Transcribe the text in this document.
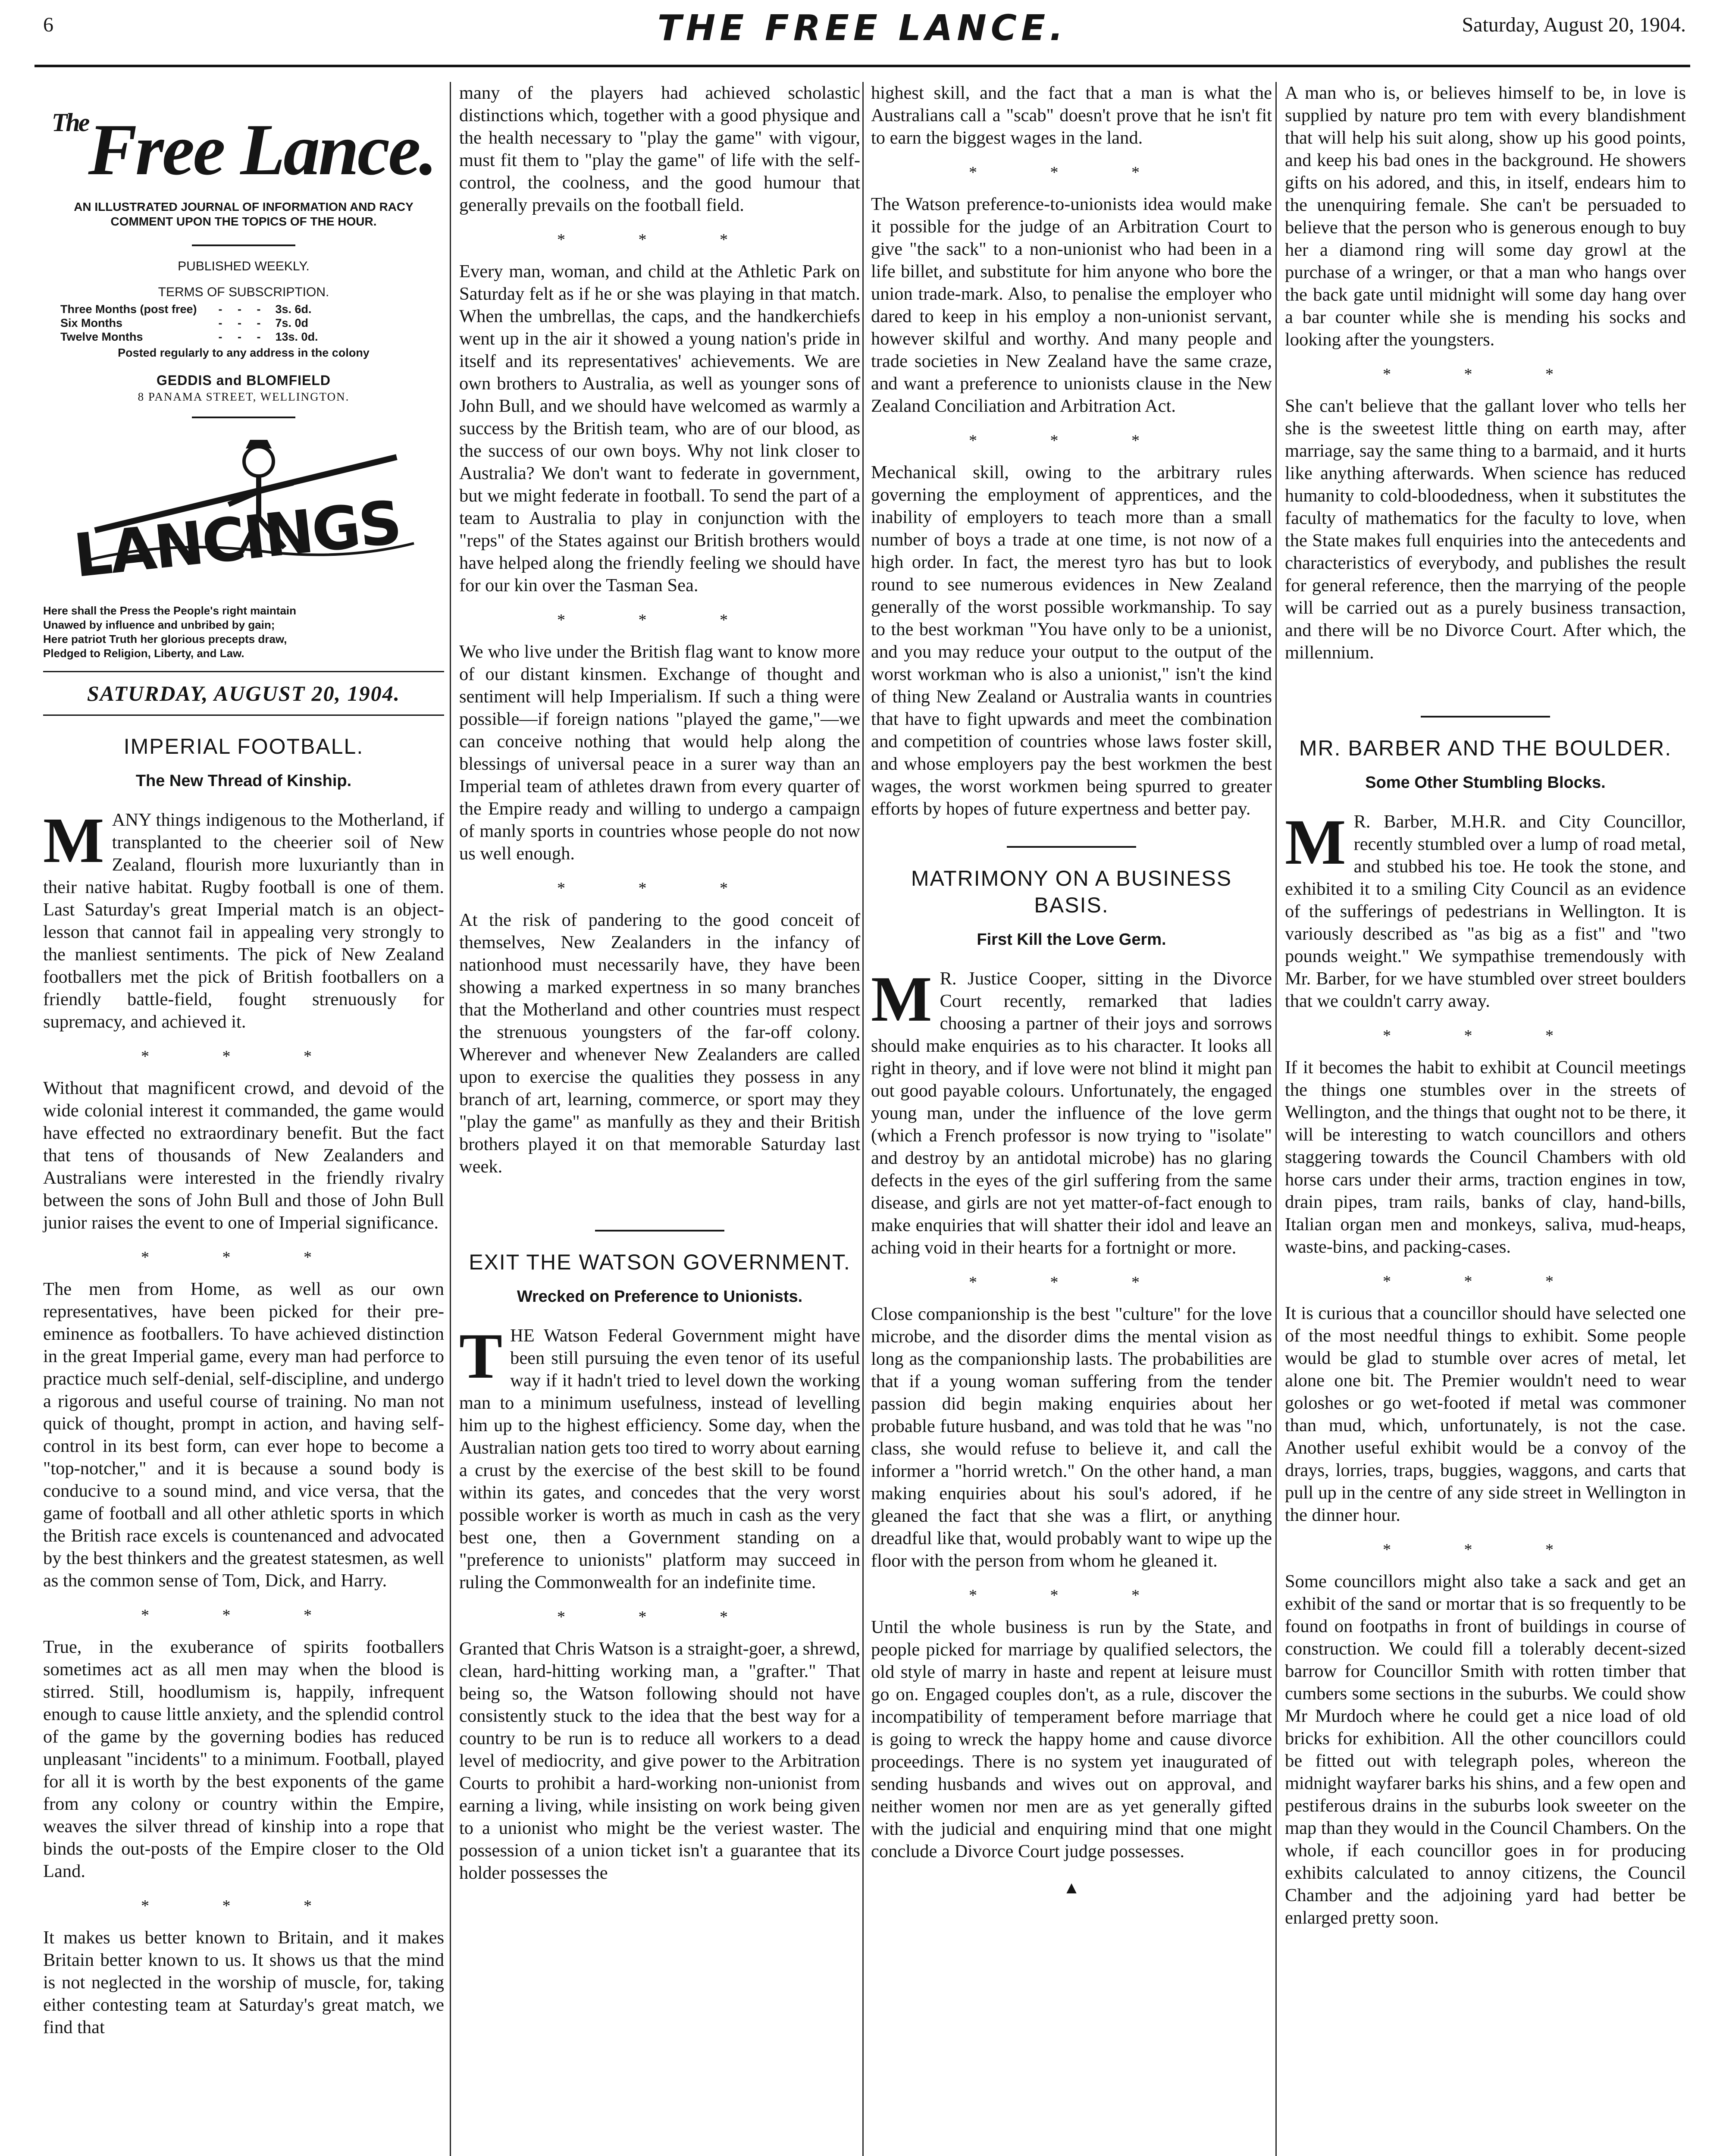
6	THE FREE LANCE.	Saturday, August 20, 1904.
$^{The}$Free Lance.
AN ILLUSTRATED JOURNAL OF INFORMATION AND RACY COMMENT UPON THE TOPICS OF THE HOUR.
PUBLISHED WEEKLY.
TERMS OF SUBSCRIPTION.
Three Months (post free)	- - -	3s. 6d.
Six Months	- - -	7s. 0d
Twelve Months	- - -	13s. 0d.
Posted regularly to any address in the colony
GEDDIS and BLOMFIELD
8 PANAMA STREET, WELLINGTON.
LANCINGS
Here shall the Press the People's right maintain
Unawed by influence and unbribed by gain;
Here patriot Truth her glorious precepts draw,
Pledged to Religion, Liberty, and Law.
SATURDAY, AUGUST 20, 1904.
IMPERIAL FOOTBALL.
The New Thread of Kinship.

MANY things indigenous to the Motherland, if transplanted to the cheerier soil of New Zealand, flourish more luxuriantly than in their native habitat. Rugby football is one of them. Last Saturday's great Imperial match is an object-lesson that cannot fail in appealing very strongly to the manliest sentiments. The pick of New Zealand footballers met the pick of British footballers on a friendly battle-field, fought strenuously for supremacy, and achieved it.

* * *

Without that magnificent crowd, and devoid of the wide colonial interest it commanded, the game would have effected no extraordinary benefit. But the fact that tens of thousands of New Zealanders and Australians were interested in the friendly rivalry between the sons of John Bull and those of John Bull junior raises the event to one of Imperial significance.

* * *

The men from Home, as well as our own representatives, have been picked for their pre-eminence as footballers. To have achieved distinction in the great Imperial game, every man had perforce to practice much self-denial, self-discipline, and undergo a rigorous and useful course of training. No man not quick of thought, prompt in action, and having self-control in its best form, can ever hope to become a "top-notcher," and it is because a sound body is conducive to a sound mind, and vice versa, that the game of football and all other athletic sports in which the British race excels is countenanced and advocated by the best thinkers and the greatest statesmen, as well as the common sense of Tom, Dick, and Harry.

* * *

True, in the exuberance of spirits footballers sometimes act as all men may when the blood is stirred. Still, hoodlumism is, happily, infrequent enough to cause little anxiety, and the splendid control of the game by the governing bodies has reduced unpleasant "incidents" to a minimum. Football, played for all it is worth by the best exponents of the game from any colony or country within the Empire, weaves the silver thread of kinship into a rope that binds the out-posts of the Empire closer to the Old Land.

* * *

It makes us better known to Britain, and it makes Britain better known to us. It shows us that the mind is not neglected in the worship of muscle, for, taking either contesting team at Saturday's great match, we find that

many of the players had achieved scholastic distinctions which, together with a good physique and the health necessary to "play the game" with vigour, must fit them to "play the game" of life with the self-control, the coolness, and the good humour that generally prevails on the football field.

* * *

Every man, woman, and child at the Athletic Park on Saturday felt as if he or she was playing in that match. When the umbrellas, the caps, and the handkerchiefs went up in the air it showed a young nation's pride in itself and its representatives' achievements. We are own brothers to Australia, as well as younger sons of John Bull, and we should have welcomed as warmly a success by the British team, who are of our blood, as the success of our own boys. Why not link closer to Australia? We don't want to federate in government, but we might federate in football. To send the part of a team to Australia to play in conjunction with the "reps" of the States against our British brothers would have helped along the friendly feeling we should have for our kin over the Tasman Sea.

* * *

We who live under the British flag want to know more of our distant kinsmen. Exchange of thought and sentiment will help Imperialism. If such a thing were possible—if foreign nations "played the game,"—we can conceive nothing that would help along the blessings of universal peace in a surer way than an Imperial team of athletes drawn from every quarter of the Empire ready and willing to undergo a campaign of manly sports in countries whose people do not now us well enough.

* * *

At the risk of pandering to the good conceit of themselves, New Zealanders in the infancy of nationhood must necessarily have, they have been showing a marked expertness in so many branches that the Motherland and other countries must respect the strenuous youngsters of the far-off colony. Wherever and whenever New Zealanders are called upon to exercise the qualities they possess in any branch of art, learning, commerce, or sport may they "play the game" as manfully as they and their British brothers played it on that memorable Saturday last week.

EXIT THE WATSON GOVERNMENT.
Wrecked on Preference to Unionists.

THE Watson Federal Government might have been still pursuing the even tenor of its useful way if it hadn't tried to level down the working man to a minimum usefulness, instead of levelling him up to the highest efficiency. Some day, when the Australian nation gets too tired to worry about earning a crust by the exercise of the best skill to be found within its gates, and concedes that the very worst possible worker is worth as much in cash as the very best one, then a Government standing on a "preference to unionists" platform may succeed in ruling the Commonwealth for an indefinite time.

* * *

Granted that Chris Watson is a straight-goer, a shrewd, clean, hard-hitting working man, a "grafter." That being so, the Watson following should not have consistently stuck to the idea that the best way for a country to be run is to reduce all workers to a dead level of mediocrity, and give power to the Arbitration Courts to prohibit a hard-working non-unionist from earning a living, while insisting on work being given to a unionist who might be the veriest waster. The possession of a union ticket isn't a guarantee that its holder possesses the

highest skill, and the fact that a man is what the Australians call a "scab" doesn't prove that he isn't fit to earn the biggest wages in the land.

* * *

The Watson preference-to-unionists idea would make it possible for the judge of an Arbitration Court to give "the sack" to a non-unionist who had been in a life billet, and substitute for him anyone who bore the union trade-mark. Also, to penalise the employer who dared to keep in his employ a non-unionist servant, however skilful and worthy. And many people and trade societies in New Zealand have the same craze, and want a preference to unionists clause in the New Zealand Conciliation and Arbitration Act.

* * *

Mechanical skill, owing to the arbitrary rules governing the employment of apprentices, and the inability of employers to teach more than a small number of boys a trade at one time, is not now of a high order. In fact, the merest tyro has but to look round to see numerous evidences in New Zealand generally of the worst possible workmanship. To say to the best workman "You have only to be a unionist, and you may reduce your output to the output of the worst workman who is also a unionist," isn't the kind of thing New Zealand or Australia wants in countries that have to fight upwards and meet the combination and competition of countries whose laws foster skill, and whose employers pay the best workmen the best wages, the worst workmen being spurred to greater efforts by hopes of future expertness and better pay.

MATRIMONY ON A BUSINESS BASIS.
First Kill the Love Germ.

M R. Justice Cooper, sitting in the Divorce Court recently, remarked that ladies choosing a partner of their joys and sorrows should make enquiries as to his character. It looks all right in theory, and if love were not blind it might pan out good payable colours. Unfortunately, the engaged young man, under the influence of the love germ (which a French professor is now trying to "isolate" and destroy by an antidotal microbe) has no glaring defects in the eyes of the girl suffering from the same disease, and girls are not yet matter-of-fact enough to make enquiries that will shatter their idol and leave an aching void in their hearts for a fortnight or more.

* * *

Close companionship is the best "culture" for the love microbe, and the disorder dims the mental vision as long as the companionship lasts. The probabilities are that if a young woman suffering from the tender passion did begin making enquiries about her probable future husband, and was told that he was "no class, she would refuse to believe it, and call the informer a "horrid wretch." On the other hand, a man making enquiries about his soul's adored, if he gleaned the fact that she was a flirt, or anything dreadful like that, would probably want to wipe up the floor with the person from whom he gleaned it.

* * *

Until the whole business is run by the State, and people picked for marriage by qualified selectors, the old style of marry in haste and repent at leisure must go on. Engaged couples don't, as a rule, discover the incompatibility of temperament before marriage that is going to wreck the happy home and cause divorce proceedings. There is no system yet inaugurated of sending husbands and wives out on approval, and neither women nor men are as yet generally gifted with the judicial and enquiring mind that one might conclude a Divorce Court judge possesses.

▲

A man who is, or believes himself to be, in love is supplied by nature pro tem with every blandishment that will help his suit along, show up his good points, and keep his bad ones in the background. He showers gifts on his adored, and this, in itself, endears him to the unenquiring female. She can't be persuaded to believe that the person who is generous enough to buy her a diamond ring will some day growl at the purchase of a wringer, or that a man who hangs over the back gate until midnight will some day hang over a bar counter while she is mending his socks and looking after the youngsters.

* * *

She can't believe that the gallant lover who tells her she is the sweetest little thing on earth may, after marriage, say the same thing to a barmaid, and it hurts like anything afterwards. When science has reduced humanity to cold-bloodedness, when it substitutes the faculty of mathematics for the faculty to love, when the State makes full enquiries into the antecedents and characteristics of everybody, and publishes the result for general reference, then the marrying of the people will be carried out as a purely business transaction, and there will be no Divorce Court. After which, the millennium.

MR. BARBER AND THE BOULDER.
Some Other Stumbling Blocks.

M R. Barber, M.H.R. and City Councillor, recently stumbled over a lump of road metal, and stubbed his toe. He took the stone, and exhibited it to a smiling City Council as an evidence of the sufferings of pedestrians in Wellington. It is variously described as "as big as a fist" and "two pounds weight." We sympathise tremendously with Mr. Barber, for we have stumbled over street boulders that we couldn't carry away.

* * *

If it becomes the habit to exhibit at Council meetings the things one stumbles over in the streets of Wellington, and the things that ought not to be there, it will be interesting to watch councillors and others staggering towards the Council Chambers with old horse cars under their arms, traction engines in tow, drain pipes, tram rails, banks of clay, hand-bills, Italian organ men and monkeys, saliva, mud-heaps, waste-bins, and packing-cases.

* * *

It is curious that a councillor should have selected one of the most needful things to exhibit. Some people would be glad to stumble over acres of metal, let alone one bit. The Premier wouldn't need to wear goloshes or go wet-footed if metal was commoner than mud, which, unfortunately, is not the case. Another useful exhibit would be a convoy of the drays, lorries, traps, buggies, waggons, and carts that pull up in the centre of any side street in Wellington in the dinner hour.

* * *

Some councillors might also take a sack and get an exhibit of the sand or mortar that is so frequently to be found on footpaths in front of buildings in course of construction. We could fill a tolerably decent-sized barrow for Councillor Smith with rotten timber that cumbers some sections in the suburbs. We could show Mr Murdoch where he could get a nice load of old bricks for exhibition. All the other councillors could be fitted out with telegraph poles, whereon the midnight wayfarer barks his shins, and a few open and pestiferous drains in the suburbs look sweeter on the map than they would in the Council Chambers. On the whole, if each councillor goes in for producing exhibits calculated to annoy citizens, the Council Chamber and the adjoining yard had better be enlarged pretty soon.
